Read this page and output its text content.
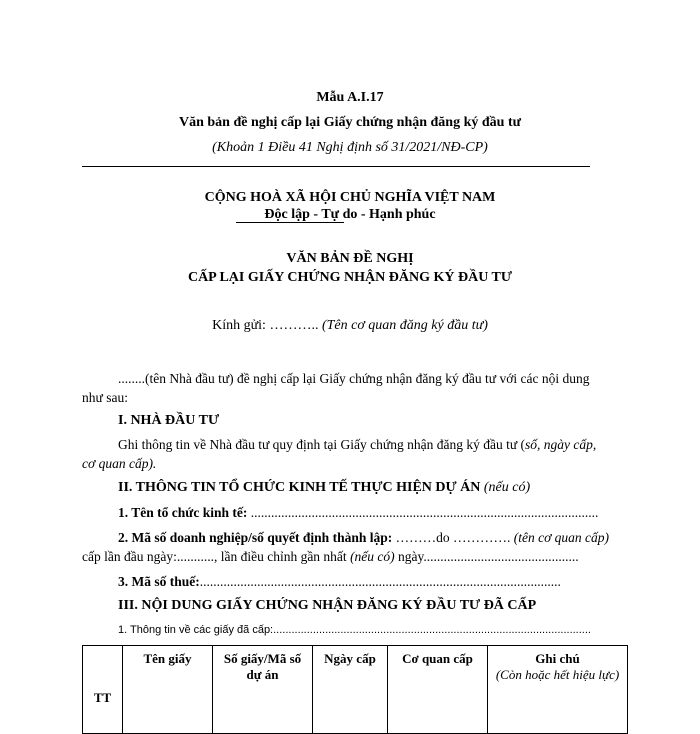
Mẫu A.I.17
Văn bản đề nghị cấp lại Giấy chứng nhận đăng ký đầu tư
(Khoản 1 Điều 41 Nghị định số 31/2021/NĐ-CP)
CỘNG HOÀ XÃ HỘI CHỦ NGHĨA VIỆT NAM
Độc lập - Tự do - Hạnh phúc
VĂN BẢN ĐỀ NGHỊ
CẤP LẠI GIẤY CHỨNG NHẬN ĐĂNG KÝ ĐẦU TƯ
Kính gửi: ……….. (Tên cơ quan đăng ký đầu tư)
........(tên Nhà đầu tư) đề nghị cấp lại Giấy chứng nhận đăng ký đầu tư với các nội dung
như sau:
I. NHÀ ĐẦU TƯ
Ghi thông tin về Nhà đầu tư quy định tại Giấy chứng nhận đăng ký đầu tư (số, ngày cấp,
cơ quan cấp).
II. THÔNG TIN TỔ CHỨC KINH TẾ THỰC HIỆN DỰ ÁN (nếu có)
1. Tên tổ chức kinh tế: .......................................................................................................
2. Mã số doanh nghiệp/số quyết định thành lập: ………do …………. (tên cơ quan cấp)
cấp lần đầu ngày:..........., lần điều chỉnh gần nhất (nếu có) ngày..............................................
3. Mã số thuế:...........................................................................................................
III. NỘI DUNG GIẤY CHỨNG NHẬN ĐĂNG KÝ ĐẦU TƯ ĐÃ CẤP
1. Thông tin về các giấy đã cấp:........................................................................................................
TT	Tên giấy	Số giấy/Mã số dự án	Ngày cấp	Cơ quan cấp	Ghi chú
(Còn hoặc hết hiệu lực)
